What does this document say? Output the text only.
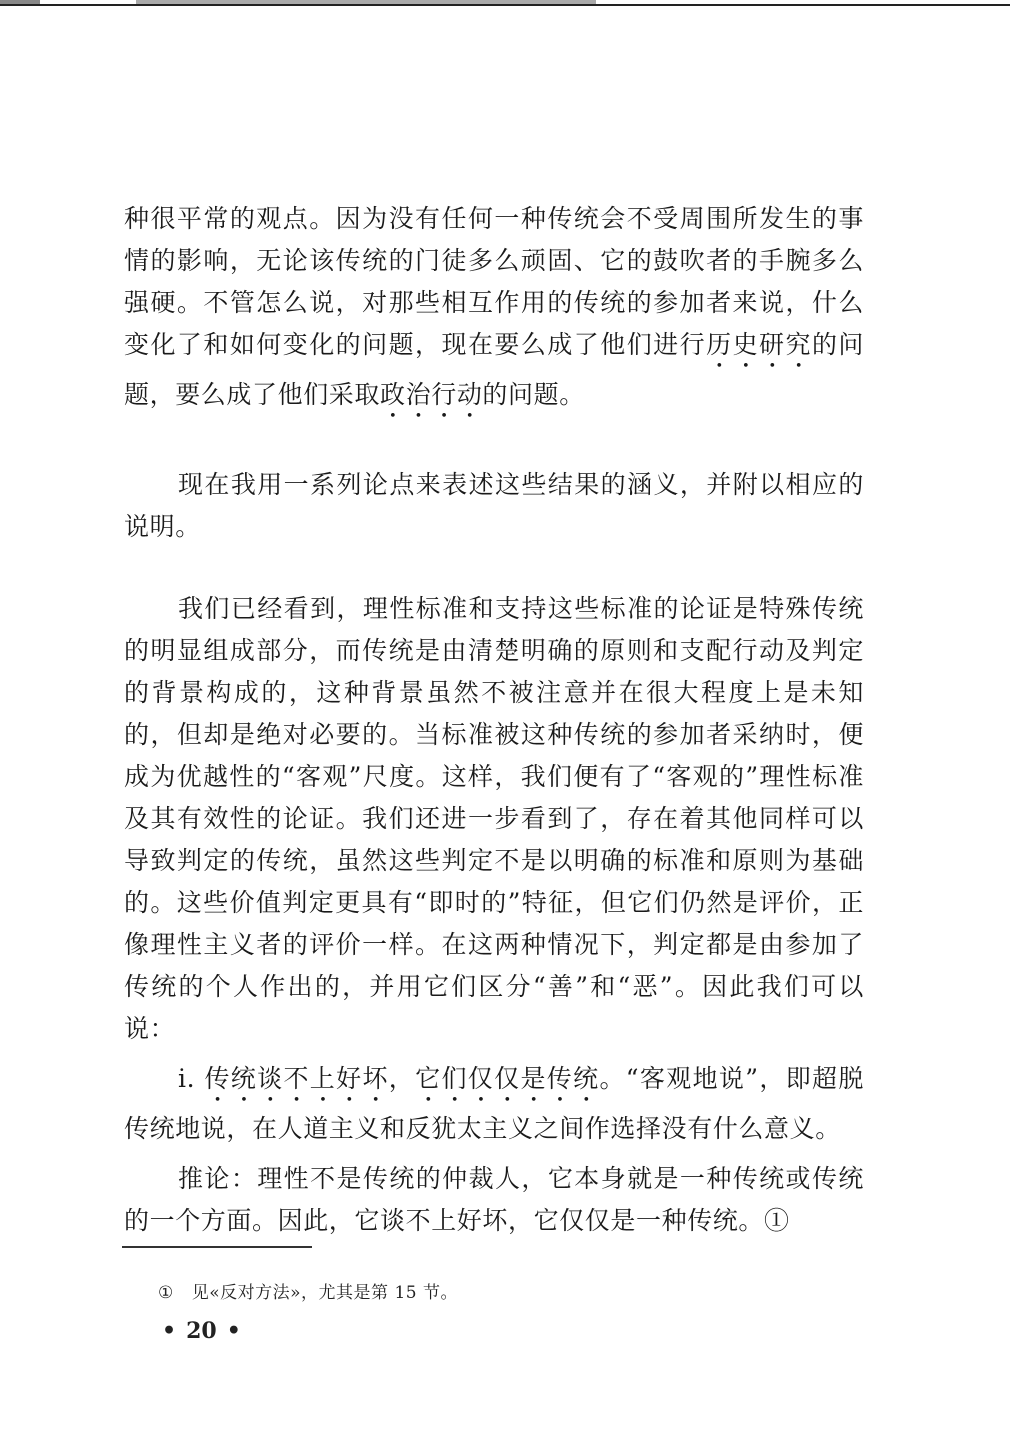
种很平常的观点。因为没有任何一种传统会不受周围所发生的事情的影响，无论该传统的门徒多么顽固、它的鼓吹者的手腕多么强硬。不管怎么说，对那些相互作用的传统的参加者来说，什么变化了和如何变化的问题，现在要么成了他们进行历史研究的问题，要么成了他们采取政治行动的问题。

现在我用一系列论点来表述这些结果的涵义，并附以相应的说明。

我们已经看到，理性标准和支持这些标准的论证是特殊传统的明显组成部分，而传统是由清楚明确的原则和支配行动及判定的背景构成的，这种背景虽然不被注意并在很大程度上是未知的，但却是绝对必要的。当标准被这种传统的参加者采纳时，便成为优越性的“客观”尺度。这样，我们便有了“客观的”理性标准及其有效性的论证。我们还进一步看到了，存在着其他同样可以导致判定的传统，虽然这些判定不是以明确的标准和原则为基础的。这些价值判定更具有“即时的”特征，但它们仍然是评价，正像理性主义者的评价一样。在这两种情况下，判定都是由参加了传统的个人作出的，并用它们区分“善”和“恶”。因此我们可以说：

i. 传统谈不上好坏，它们仅仅是传统。“客观地说”，即超脱传统地说，在人道主义和反犹太主义之间作选择没有什么意义。

推论：理性不是传统的仲裁人，它本身就是一种传统或传统的一个方面。因此，它谈不上好坏，它仅仅是一种传统。①

① 见«反对方法»，尤其是第 15 节。
• 20 •
